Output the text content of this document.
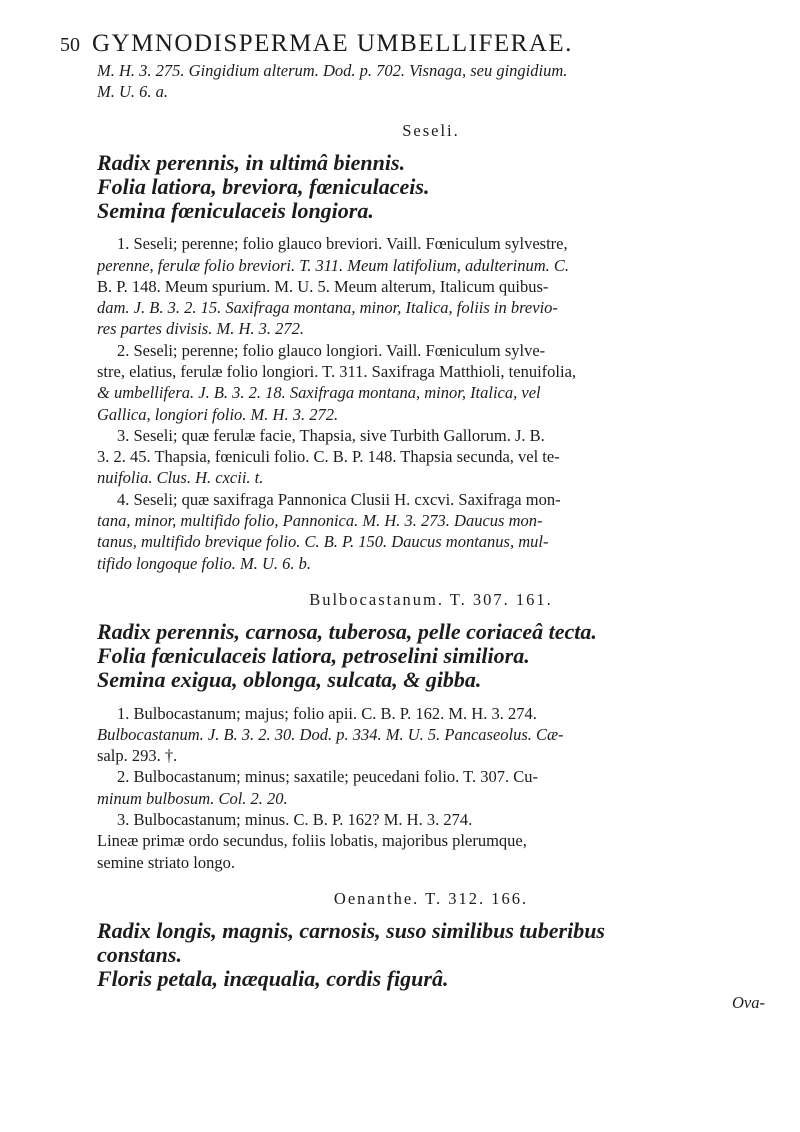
50 GYMNODISPERMAE UMBELLIFERAE.
M. H. 3. 275. Gingidium alterum. Dod. p. 702. Visnaga, seu gingidium.
M. U. 6. a.
Seseli.
Radix perennis, in ultimâ biennis.
Folia latiora, breviora, fœniculaceis.
Semina fœniculaceis longiora.
1. Seseli; perenne; folio glauco breviori. Vaill. Fœniculum sylvestre,
perenne, ferulæ folio breviori. T. 311. Meum latifolium, adulterinum. C.
B. P. 148. Meum spurium. M. U. 5. Meum alterum, Italicum quibus-
dam. J. B. 3. 2. 15. Saxifraga montana, minor, Italica, foliis in brevio-
res partes divisis. M. H. 3. 272.
2. Seseli; perenne; folio glauco longiori. Vaill. Fœniculum sylve-
stre, elatius, ferulæ folio longiori. T. 311. Saxifraga Matthioli, tenuifolia,
& umbellifera. J. B. 3. 2. 18. Saxifraga montana, minor, Italica, vel
Gallica, longiori folio. M. H. 3. 272.
3. Seseli; quæ ferulæ facie, Thapsia, sive Turbith Gallorum. J. B.
3. 2. 45. Thapsia, fœniculi folio. C. B. P. 148. Thapsia secunda, vel te-
nuifolia. Clus. H. cxcii. t.
4. Seseli; quæ saxifraga Pannonica Clusii H. cxcvi. Saxifraga mon-
tana, minor, multifido folio, Pannonica. M. H. 3. 273. Daucus mon-
tanus, multifido brevique folio. C. B. P. 150. Daucus montanus, mul-
tifido longoque folio. M. U. 6. b.
Bulbocastanum. T. 307. 161.
Radix perennis, carnosa, tuberosa, pelle coriaceâ tecta.
Folia fœniculaceis latiora, petroselini similiora.
Semina exigua, oblonga, sulcata, & gibba.
1. Bulbocastanum; majus; folio apii. C. B. P. 162. M. H. 3. 274.
Bulbocastanum. J. B. 3. 2. 30. Dod. p. 334. M. U. 5. Pancaseolus. Cæ-
salp. 293. †.
2. Bulbocastanum; minus; saxatile; peucedani folio. T. 307. Cu-
minum bulbosum. Col. 2. 20.
3. Bulbocastanum; minus. C. B. P. 162? M. H. 3. 274.
Lineæ primæ ordo secundus, foliis lobatis, majoribus plerumque,
semine striato longo.
Oenanthe. T. 312. 166.
Radix longis, magnis, carnosis, suso similibus tuberibus
constans.
Floris petala, inæqualia, cordis figurâ.
Ova-
